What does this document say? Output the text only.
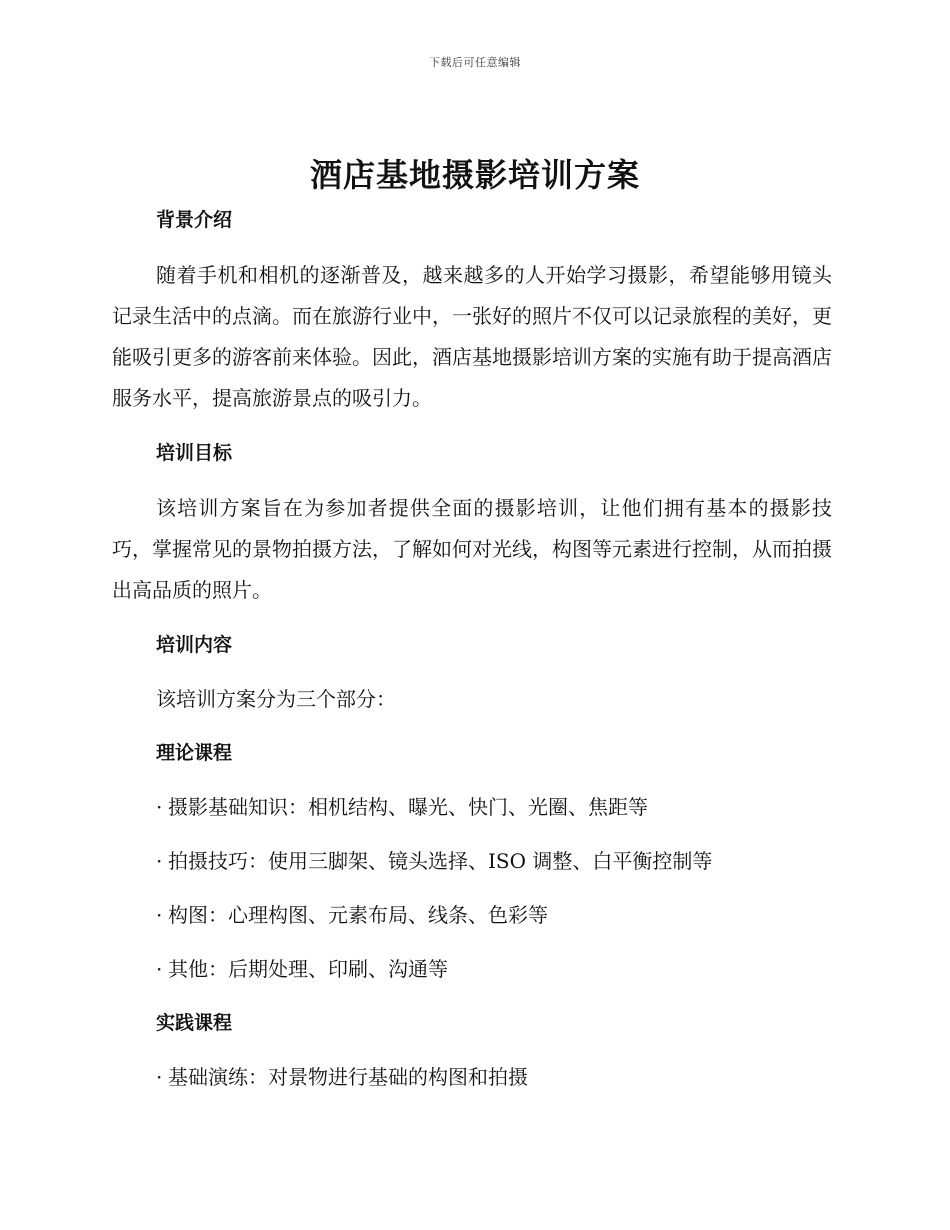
下载后可任意编辑
酒店基地摄影培训方案

背景介绍

随着手机和相机的逐渐普及，越来越多的人开始学习摄影，希望能够用镜头记录生活中的点滴。而在旅游行业中，一张好的照片不仅可以记录旅程的美好，更能吸引更多的游客前来体验。因此，酒店基地摄影培训方案的实施有助于提高酒店服务水平，提高旅游景点的吸引力。

培训目标

该培训方案旨在为参加者提供全面的摄影培训，让他们拥有基本的摄影技巧，掌握常见的景物拍摄方法，了解如何对光线，构图等元素进行控制，从而拍摄出高品质的照片。

培训内容

该培训方案分为三个部分：

理论课程

· 摄影基础知识：相机结构、曝光、快门、光圈、焦距等

· 拍摄技巧：使用三脚架、镜头选择、ISO 调整、白平衡控制等

· 构图：心理构图、元素布局、线条、色彩等

· 其他：后期处理、印刷、沟通等

实践课程

· 基础演练：对景物进行基础的构图和拍摄
